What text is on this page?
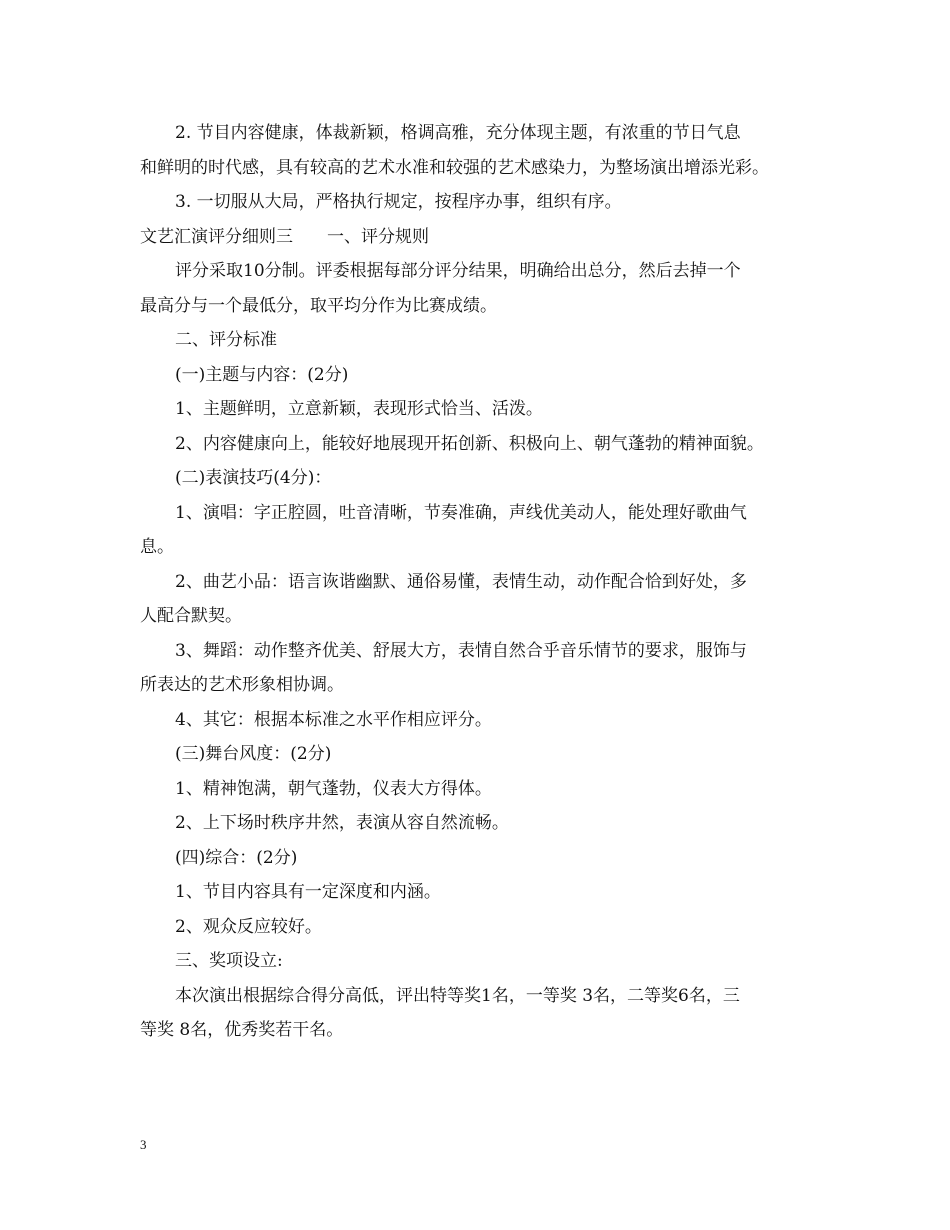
2. 节目内容健康，体裁新颖，格调高雅，充分体现主题，有浓重的节日气息
和鲜明的时代感，具有较高的艺术水准和较强的艺术感染力，为整场演出增添光彩。
3. 一切服从大局，严格执行规定，按程序办事，组织有序。
文艺汇演评分细则三　　一、评分规则
评分采取10分制。评委根据每部分评分结果，明确给出总分，然后去掉一个
最高分与一个最低分，取平均分作为比赛成绩。
二、评分标准
(一)主题与内容：(2分)
1、主题鲜明，立意新颖，表现形式恰当、活泼。
2、内容健康向上，能较好地展现开拓创新、积极向上、朝气蓬勃的精神面貌。
(二)表演技巧(4分)：
1、演唱：字正腔圆，吐音清晰，节奏准确，声线优美动人，能处理好歌曲气
息。
2、曲艺小品：语言诙谐幽默、通俗易懂，表情生动，动作配合恰到好处，多
人配合默契。
3、舞蹈：动作整齐优美、舒展大方，表情自然合乎音乐情节的要求，服饰与
所表达的艺术形象相协调。
4、其它：根据本标准之水平作相应评分。
(三)舞台风度：(2分)
1、精神饱满，朝气蓬勃，仪表大方得体。
2、上下场时秩序井然，表演从容自然流畅。
(四)综合：(2分)
1、节目内容具有一定深度和内涵。
2、观众反应较好。
三、奖项设立:
本次演出根据综合得分高低，评出特等奖1名，一等奖 3名，二等奖6名，三
等奖 8名，优秀奖若干名。
3
